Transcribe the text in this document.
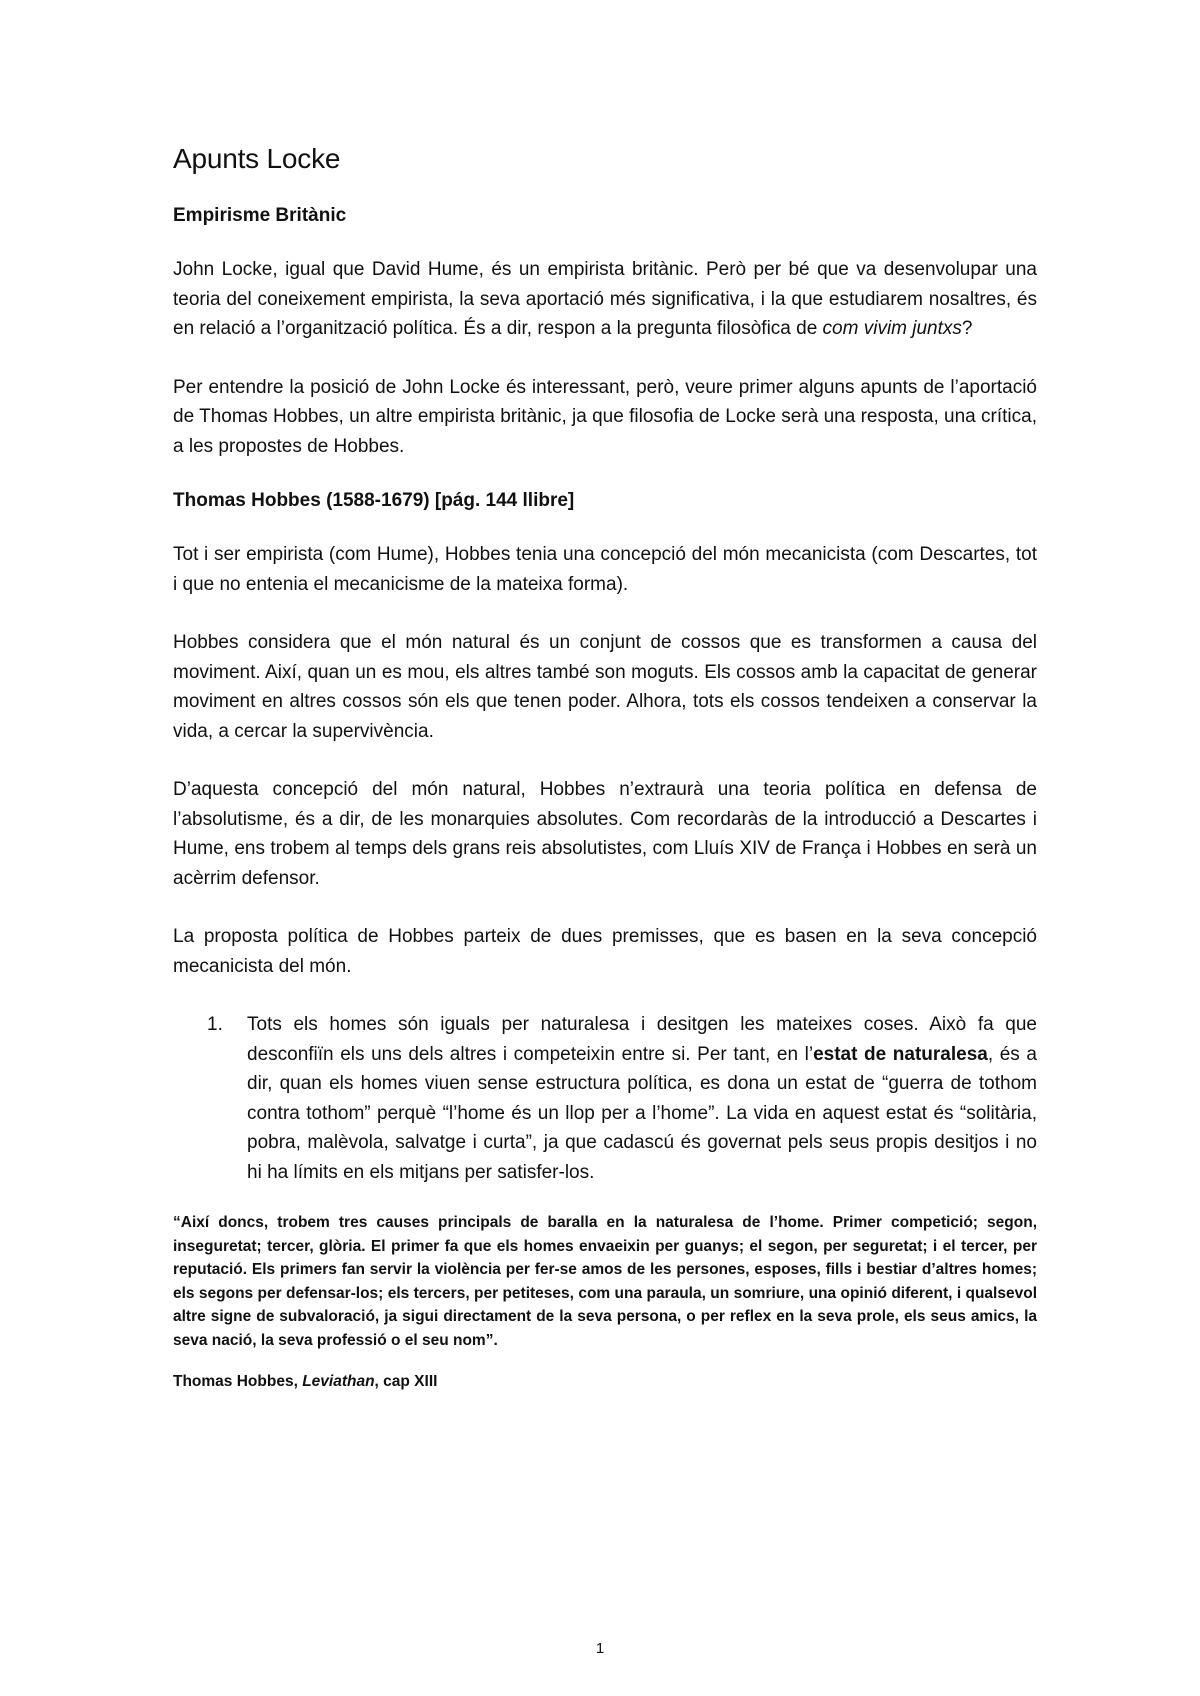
Apunts Locke
Empirisme Britànic

John Locke, igual que David Hume, és un empirista britànic. Però per bé que va desenvolupar una teoria del coneixement empirista, la seva aportació més significativa, i la que estudiarem nosaltres, és en relació a l’organització política. És a dir, respon a la pregunta filosòfica de com vivim juntxs?

Per entendre la posició de John Locke és interessant, però, veure primer alguns apunts de l’aportació de Thomas Hobbes, un altre empirista britànic, ja que filosofia de Locke serà una resposta, una crítica, a les propostes de Hobbes.

Thomas Hobbes (1588-1679) [pág. 144 llibre]

Tot i ser empirista (com Hume), Hobbes tenia una concepció del món mecanicista (com Descartes, tot i que no entenia el mecanicisme de la mateixa forma).

Hobbes considera que el món natural és un conjunt de cossos que es transformen a causa del moviment. Així, quan un es mou, els altres també son moguts. Els cossos amb la capacitat de generar moviment en altres cossos són els que tenen poder. Alhora, tots els cossos tendeixen a conservar la vida, a cercar la supervivència.

D’aquesta concepció del món natural, Hobbes n’extraurà una teoria política en defensa de l’absolutisme, és a dir, de les monarquies absolutes. Com recordaràs de la introducció a Descartes i Hume, ens trobem al temps dels grans reis absolutistes, com Lluís XIV de França i Hobbes en serà un acèrrim defensor.

La proposta política de Hobbes parteix de dues premisses, que es basen en la seva concepció mecanicista del món.

1. Tots els homes són iguals per naturalesa i desitgen les mateixes coses. Això fa que desconfiïn els uns dels altres i competeixin entre si. Per tant, en l’estat de naturalesa, és a dir, quan els homes viuen sense estructura política, es dona un estat de “guerra de tothom contra tothom” perquè “l’home és un llop per a l’home”. La vida en aquest estat és “solitària, pobra, malèvola, salvatge i curta”, ja que cadascú és governat pels seus propis desitjos i no hi ha límits en els mitjans per satisfer-los.

“Així doncs, trobem tres causes principals de baralla en la naturalesa de l’home. Primer competició; segon, inseguretat; tercer, glòria. El primer fa que els homes envaeixin per guanys; el segon, per seguretat; i el tercer, per reputació. Els primers fan servir la violència per fer-se amos de les persones, esposes, fills i bestiar d’altres homes; els segons per defensar-los; els tercers, per petiteses, com una paraula, un somriure, una opinió diferent, i qualsevol altre signe de subvaloració, ja sigui directament de la seva persona, o per reflex en la seva prole, els seus amics, la seva nació, la seva professió o el seu nom”.

Thomas Hobbes, Leviathan, cap XIII

1
